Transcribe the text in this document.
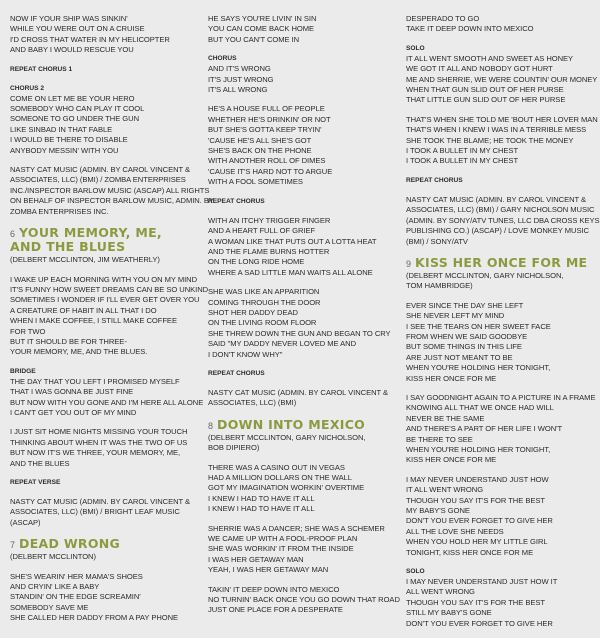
NOW IF YOUR SHIP WAS SINKIN'
WHILE YOU WERE OUT ON A CRUISE
I'D CROSS THAT WATER IN MY HELICOPTER
AND BABY I WOULD RESCUE YOU
REPEAT CHORUS 1
CHORUS 2
COME ON LET ME BE YOUR HERO
SOMEBODY WHO CAN PLAY IT COOL
SOMEONE TO GO UNDER THE GUN
LIKE SINBAD IN THAT FABLE
I WOULD BE THERE TO DISABLE
ANYBODY MESSIN' WITH YOU
NASTY CAT MUSIC (ADMIN. BY CAROL VINCENT &
ASSOCIATES, LLC) (BMI) / ZOMBA ENTERPRISES
INC./INSPECTOR BARLOW MUSIC (ASCAP) ALL RIGHTS
ON BEHALF OF INSPECTOR BARLOW MUSIC, ADMIN. BY
ZOMBA ENTERPRISES INC.
6 YOUR MEMORY, ME,
AND THE BLUES
(DELBERT MCCLINTON, JIM WEATHERLY)
I WAKE UP EACH MORNING WITH YOU ON MY MIND
IT'S FUNNY HOW SWEET DREAMS CAN BE SO UNKIND
SOMETIMES I WONDER IF I'LL EVER GET OVER YOU
A CREATURE OF HABIT IN ALL THAT I DO
WHEN I MAKE COFFEE, I STILL MAKE COFFEE
FOR TWO
BUT IT SHOULD BE FOR THREE-
YOUR MEMORY, ME, AND THE BLUES.
BRIDGE
THE DAY THAT YOU LEFT I PROMISED MYSELF
THAT I WAS GONNA BE JUST FINE
BUT NOW WITH YOU GONE AND I'M HERE ALL ALONE
I CAN'T GET YOU OUT OF MY MIND
I JUST SIT HOME NIGHTS MISSING YOUR TOUCH
THINKING ABOUT WHEN IT WAS THE TWO OF US
BUT NOW IT'S WE THREE, YOUR MEMORY, ME,
AND THE BLUES
REPEAT VERSE
NASTY CAT MUSIC (ADMIN. BY CAROL VINCENT &
ASSOCIATES, LLC) (BMI) / BRIGHT LEAF MUSIC
(ASCAP)
7 DEAD WRONG
(DELBERT MCCLINTON)
SHE'S WEARIN' HER MAMA'S SHOES
AND CRYIN' LIKE A BABY
STANDIN' ON THE EDGE SCREAMIN'
SOMEBODY SAVE ME
SHE CALLED HER DADDY FROM A PAY PHONE
HE SAYS YOU'RE LIVIN' IN SIN
YOU CAN COME BACK HOME
BUT YOU CAN'T COME IN
CHORUS
AND IT'S WRONG
IT'S JUST WRONG
IT'S ALL WRONG
HE'S A HOUSE FULL OF PEOPLE
WHETHER HE'S DRINKIN' OR NOT
BUT SHE'S GOTTA KEEP TRYIN'
'CAUSE HE'S ALL SHE'S GOT
SHE'S BACK ON THE PHONE
WITH ANOTHER ROLL OF DIMES
'CAUSE IT'S HARD NOT TO ARGUE
WITH A FOOL SOMETIMES
REPEAT CHORUS
WITH AN ITCHY TRIGGER FINGER
AND A HEART FULL OF GRIEF
A WOMAN LIKE THAT PUTS OUT A LOTTA HEAT
AND THE FLAME BURNS HOTTER
ON THE LONG RIDE HOME
WHERE A SAD LITTLE MAN WAITS ALL ALONE
SHE WAS LIKE AN APPARITION
COMING THROUGH THE DOOR
SHOT HER DADDY DEAD
ON THE LIVING ROOM FLOOR
SHE THREW DOWN THE GUN AND BEGAN TO CRY
SAID "MY DADDY NEVER LOVED ME AND
I DON'T KNOW WHY"
REPEAT CHORUS
NASTY CAT MUSIC (ADMIN. BY CAROL VINCENT &
ASSOCIATES, LLC) (BMI)
8 DOWN INTO MEXICO
(DELBERT MCCLINTON, GARY NICHOLSON,
BOB DIPIERO)
THERE WAS A CASINO OUT IN VEGAS
HAD A MILLION DOLLARS ON THE WALL
GOT MY IMAGINATION WORKIN' OVERTIME
I KNEW I HAD TO HAVE IT ALL
I KNEW I HAD TO HAVE IT ALL
SHERRIE WAS A DANCER; SHE WAS A SCHEMER
WE CAME UP WITH A FOOL-PROOF PLAN
SHE WAS WORKIN' IT FROM THE INSIDE
I WAS HER GETAWAY MAN
YEAH, I WAS HER GETAWAY MAN
TAKIN' IT DEEP DOWN INTO MEXICO
NO TURNIN' BACK ONCE YOU GO DOWN THAT ROAD
JUST ONE PLACE FOR A DESPERATE
DESPERADO TO GO
TAKE IT DEEP DOWN INTO MEXICO
SOLO
IT ALL WENT SMOOTH AND SWEET AS HONEY
WE GOT IT ALL AND NOBODY GOT HURT
ME AND SHERRIE, WE WERE COUNTIN' OUR MONEY
WHEN THAT GUN SLID OUT OF HER PURSE
THAT LITTLE GUN SLID OUT OF HER PURSE
THAT'S WHEN SHE TOLD ME 'BOUT HER LOVER MAN
THAT'S WHEN I KNEW I WAS IN A TERRIBLE MESS
SHE TOOK THE BLAME; HE TOOK THE MONEY
I TOOK A BULLET IN MY CHEST
I TOOK A BULLET IN MY CHEST
REPEAT CHORUS
NASTY CAT MUSIC (ADMIN. BY CAROL VINCENT &
ASSOCIATES, LLC) (BMI) / GARY NICHOLSON MUSIC
(ADMIN. BY SONY/ATV TUNES, LLC DBA CROSS KEYS
PUBLISHING CO.) (ASCAP) / LOVE MONKEY MUSIC
(BMI) / SONY/ATV
9 KISS HER ONCE FOR ME
(DELBERT MCCLINTON, GARY NICHOLSON,
TOM HAMBRIDGE)
EVER SINCE THE DAY SHE LEFT
SHE NEVER LEFT MY MIND
I SEE THE TEARS ON HER SWEET FACE
FROM WHEN WE SAID GOODBYE
BUT SOME THINGS IN THIS LIFE
ARE JUST NOT MEANT TO BE
WHEN YOU'RE HOLDING HER TONIGHT,
KISS HER ONCE FOR ME
I SAY GOODNIGHT AGAIN TO A PICTURE IN A FRAME
KNOWING ALL THAT WE ONCE HAD WILL
NEVER BE THE SAME
AND THERE'S A PART OF HER LIFE I WON'T
BE THERE TO SEE
WHEN YOU'RE HOLDING HER TONIGHT,
KISS HER ONCE FOR ME
I MAY NEVER UNDERSTAND JUST HOW
IT ALL WENT WRONG
THOUGH YOU SAY IT'S FOR THE BEST
MY BABY'S GONE
DON'T YOU EVER FORGET TO GIVE HER
ALL THE LOVE SHE NEEDS
WHEN YOU HOLD HER MY LITTLE GIRL
TONIGHT, KISS HER ONCE FOR ME
SOLO
I MAY NEVER UNDERSTAND JUST HOW IT
ALL WENT WRONG
THOUGH YOU SAY IT'S FOR THE BEST
STILL MY BABY'S GONE
DON'T YOU EVER FORGET TO GIVE HER
